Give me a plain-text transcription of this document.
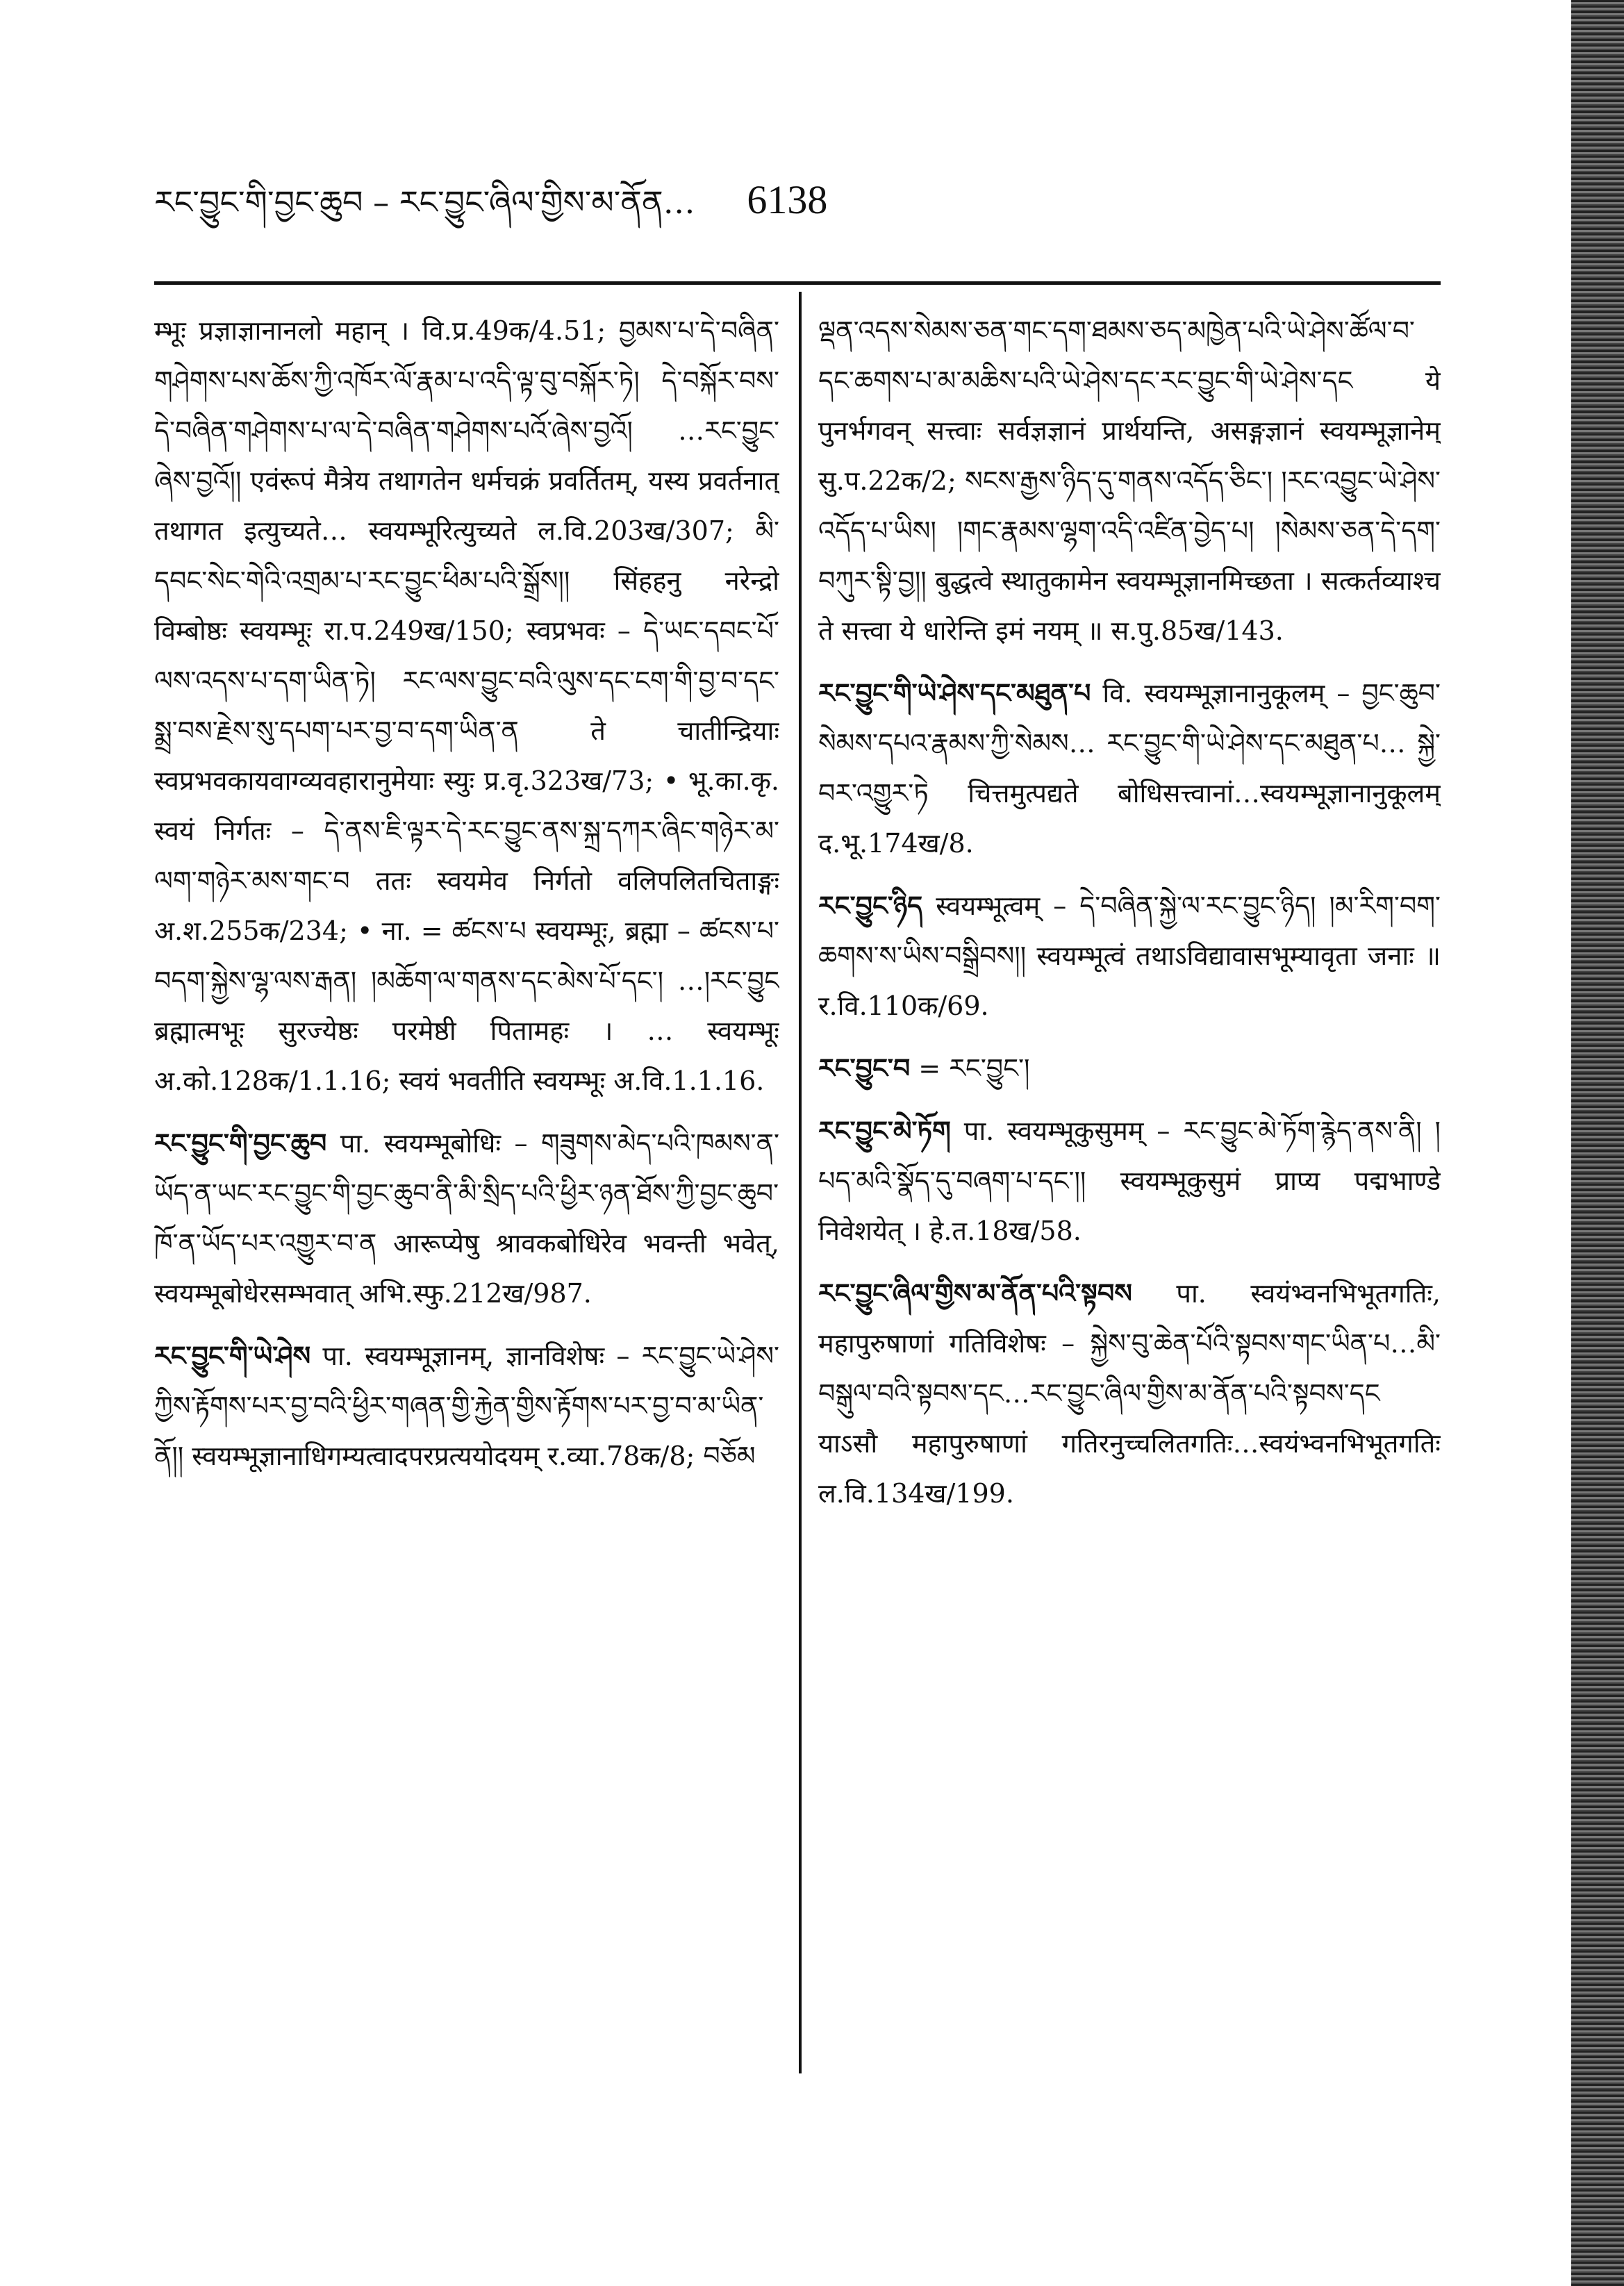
རང་བྱུང་གི་བྱང་ཆུབ – རང་བྱུང་ཞིལ་གྱིས་མ་ནོན… 6138
म्भूः प्रज्ञाज्ञानानलो महान् । वि.प्र.49क/4.51; བྱམས་པ་དེ་བཞིན་གཤེགས་པས་ཆོས་ཀྱི་འཁོར་ལོ་རྣམ་པ་འདི་ལྟ་བུ་བསྐོར་ཏེ། དེ་བསྐོར་བས་དེ་བཞིན་གཤེགས་པ་ལ་དེ་བཞིན་གཤེགས་པའོ་ཞེས་བྱའོ། …རང་བྱུང་ཞེས་བྱའོ།། एवंरूपं मैत्रेय तथागतेन धर्मचक्रं प्रवर्तितम्, यस्य प्रवर्तनात् तथागत इत्युच्यते… स्वयम्भूरित्युच्यते ल.वि.203ख/307; མི་དབང་སེང་གེའི་འགྲམ་པ་རང་བྱུང་ཕིམ་པའི་སྒྲོས།། सिंहहनु नरेन्द्रो विम्बोष्ठः स्वयम्भूः रा.प.249ख/150; स्वप्रभवः – དེ་ཡང་དབང་པོ་ལས་འདས་པ་དག་ཡིན་ཏེ། རང་ལས་བྱུང་བའི་ལུས་དང་ངག་གི་བྱ་བ་དང་སྨྲ་བས་རྗེས་སུ་དཔག་པར་བྱ་བ་དག་ཡིན་ན ते चातीन्द्रियाः स्वप्रभवकायवाग्व्यवहारानुमेयाः स्युः प्र.वृ.323ख/73; • भू.का.कृ. स्वयं निर्गतः – དེ་ནས་ཇི་ལྟར་དེ་རང་བྱུང་ནས་སྐྲ་དཀར་ཞིང་གཉེར་མ་ལག་གཉེར་མས་གང་བ ततः स्वयमेव निर्गतो वलिपलितचिताङ्गः अ.श.255क/234; • ना. = ཚངས་པ स्वयम्भूः, ब्रह्मा – ཚངས་པ་བདག་སྐྱེས་ལྷ་ལས་རྒན། །མཆོག་ལ་གནས་དང་མེས་པོ་དང་། …།རང་བྱུང ब्रह्मात्मभूः सुरज्येष्ठः परमेष्ठी पितामहः । … स्वयम्भूः अ.को.128क/1.1.16; स्वयं भवतीति स्वयम्भूः अ.वि.1.1.16.
རང་བྱུང་གི་བྱང་ཆུབ पा. स्वयम्भूबोधिः – གཟུགས་མེད་པའི་ཁམས་ན་ཡོད་ན་ཡང་རང་བྱུང་གི་བྱང་ཆུབ་ནི་མི་སྲིད་པའི་ཕྱིར་ཉན་ཐོས་ཀྱི་བྱང་ཆུབ་ཁོ་ན་ཡོད་པར་འགྱུར་བ་ན आरूप्येषु श्रावकबोधिरेव भवन्ती भवेत्, स्वयम्भूबोधेरसम्भवात् अभि.स्फु.212ख/987.
རང་བྱུང་གི་ཡེ་ཤེས पा. स्वयम्भूज्ञानम्, ज्ञानविशेषः – རང་བྱུང་ཡེ་ཤེས་ཀྱིས་རྟོགས་པར་བྱ་བའི་ཕྱིར་གཞན་གྱི་རྐྱེན་གྱིས་རྟོགས་པར་བྱ་བ་མ་ཡིན་ནོ།། स्वयम्भूज्ञानाधिगम्यत्वादपरप्रत्ययोदयम् र.व्या.78क/8; བཅོམ
ལྡན་འདས་སེམས་ཅན་གང་དག་ཐམས་ཅད་མཁྱེན་པའི་ཡེ་ཤེས་ཚོལ་བ་དང་ཆགས་པ་མ་མཆིས་པའི་ཡེ་ཤེས་དང་རང་བྱུང་གི་ཡེ་ཤེས་དང ये पुनर्भगवन् सत्त्वाः सर्वज्ञज्ञानं प्रार्थयन्ति, असङ्गज्ञानं स्वयम्भूज्ञानेम् सु.प.22क/2; སངས་རྒྱས་ཉིད་དུ་གནས་འདོད་ཅིང་། །རང་འབྱུང་ཡེ་ཤེས་འདོད་པ་ཡིས། །གང་རྣམས་ལྷག་འདི་འཛིན་བྱེད་པ། །སེམས་ཅན་དེ་དག་བཀུར་སྟི་བྱ།། बुद्धत्वे स्थातुकामेन स्वयम्भूज्ञानमिच्छता । सत्कर्तव्याश्च ते सत्त्वा ये धारेन्ति इमं नयम् ॥ स.पु.85ख/143.
རང་བྱུང་གི་ཡེ་ཤེས་དང་མཐུན་པ वि. स्वयम्भूज्ञानानुकूलम् – བྱང་ཆུབ་སེམས་དཔའ་རྣམས་ཀྱི་སེམས… རང་བྱུང་གི་ཡེ་ཤེས་དང་མཐུན་པ… སྐྱེ་བར་འགྱུར་ཏེ चित्तमुत्पद्यते बोधिसत्त्वानां…स्वयम्भूज्ञानानुकूलम् द.भू.174ख/8.
རང་བྱུང་ཉིད स्वयम्भूत्वम् – དེ་བཞིན་སྐྱེ་ལ་རང་བྱུང་ཉིད། །མ་རིག་བག་ཆགས་ས་ཡིས་བསྒྲིབས།། स्वयम्भूत्वं तथाऽविद्यावासभूम्यावृता जनाः ॥ र.वि.110क/69.
རང་བྱུང་བ = རང་བྱུང་།
རང་བྱུང་མེ་ཏོག पा. स्वयम्भूकुसुमम् – རང་བྱུང་མེ་ཏོག་རྙེད་ནས་ནི། །པད་མའི་སྣོད་དུ་བཞག་པ་དང་།། स्वयम्भूकुसुमं प्राप्य पद्मभाण्डे निवेशयेत् । हे.त.18ख/58.
རང་བྱུང་ཞིལ་གྱིས་མ་ནོན་པའི་སྟབས पा. स्वयंभ्वनभिभूतगतिः, महापुरुषाणां गतिविशेषः – སྐྱེས་བུ་ཆེན་པོའི་སྟབས་གང་ཡིན་པ…མི་བསྒུལ་བའི་སྟབས་དང…རང་བྱུང་ཞིལ་གྱིས་མ་ནོན་པའི་སྟབས་དང याऽसौ महापुरुषाणां गतिरनुच्चलितगतिः…स्वयंभ्वनभिभूतगतिः ल.वि.134ख/199.
